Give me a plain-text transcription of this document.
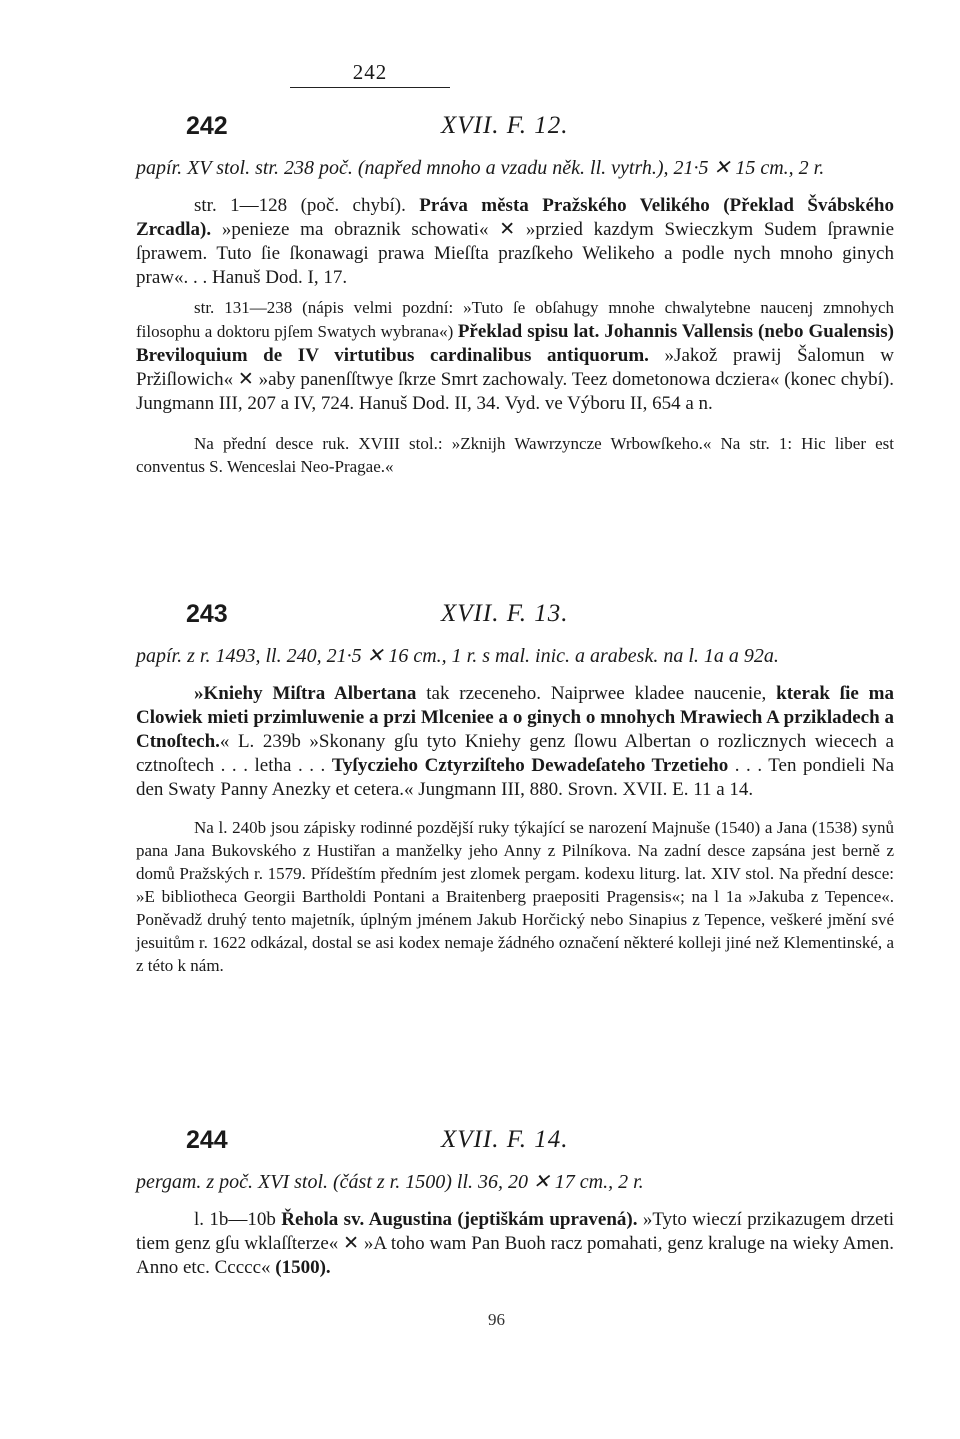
242
242	XVII. F. 12.

papír. XV stol. str. 238 poč. (napřed mnoho a vzadu něk. ll. vytrh.), 21·5 ✕ 15 cm., 2 r.

str. 1—128 (poč. chybí). Práva města Pražského Velikého (Překlad Švábského Zrcadla). »penieze ma obraznik schowati« ✕ »przied kazdym Swieczkym Sudem ſprawnie ſprawem. Tuto ſie ſkonawagi prawa Mieſſta prazſkeho Welikeho a podle nych mnoho ginych praw«. . . Hanuš Dod. I, 17.

str. 131—238 (nápis velmi pozdní: »Tuto ſe obſahugy mnohe chwalytebne naucenj zmnohych filosophu a doktoru pjſem Swatych wybrana«) Překlad spisu lat. Johannis Vallensis (nebo Gualensis) Breviloquium de IV virtutibus cardinalibus antiquorum. »Jakož prawij Šalomun w Pržiſlowich« ✕ »aby panenſſtwye ſkrze Smrt zachowaly. Teez dometonowa dcziera« (konec chybí). Jungmann III, 207 a IV, 724. Hanuš Dod. II, 34. Vyd. ve Výboru II, 654 a n.

Na přední desce ruk. XVIII stol.: »Zknijh Wawrzyncze Wrbowſkeho.« Na str. 1: Hic liber est conventus S. Wenceslai Neo-Pragae.«

243	XVII. F. 13.

papír. z r. 1493, ll. 240, 21·5 ✕ 16 cm., 1 r. s mal. inic. a arabesk. na l. 1a a 92a.

»Kniehy Miſtra Albertana tak rzeceneho. Naiprwee kladee naucenie, kterak ſie ma Clowiek mieti przimluwenie a przi Mlceniee a o ginych o mnohych Mrawiech A przikladech a Ctnoſtech.« L. 239b »Skonany gſu tyto Kniehy genz ſlowu Albertan o rozlicznych wiecech a cztnoſtech . . . letha . . . Tyſyczieho Cztyrziſteho Dewadeſateho Trzetieho . . . Ten pondieli Na den Swaty Panny Anezky et cetera.« Jungmann III, 880. Srovn. XVII. E. 11 a 14.

Na l. 240b jsou zápisky rodinné pozdější ruky týkající se narození Majnuše (1540) a Jana (1538) synů pana Jana Bukovského z Hustiřan a manželky jeho Anny z Pilníkova. Na zadní desce zapsána jest berně z domů Pražských r. 1579. Přídeštím předním jest zlomek pergam. kodexu liturg. lat. XIV stol. Na přední desce: »E bibliotheca Georgii Bartholdi Pontani a Braitenberg praepositi Pragensis«; na l 1a »Jakuba z Tepence«. Poněvadž druhý tento majetník, úplným jménem Jakub Horčický nebo Sinapius z Tepence, veškeré jmění své jesuitům r. 1622 odkázal, dostal se asi kodex nemaje žádného označení některé kolleji jiné než Klementinské, a z této k nám.

244	XVII. F. 14.

pergam. z poč. XVI stol. (část z r. 1500) ll. 36, 20 ✕ 17 cm., 2 r.

l. 1b—10b Řehola sv. Augustina (jeptiškám upravená). »Tyto wieczí przikazugem drzeti tiem genz gſu wklaſſterze« ✕ »A toho wam Pan Buoh racz pomahati, genz kraluge na wieky Amen. Anno etc. Ccccc« (1500).

96
